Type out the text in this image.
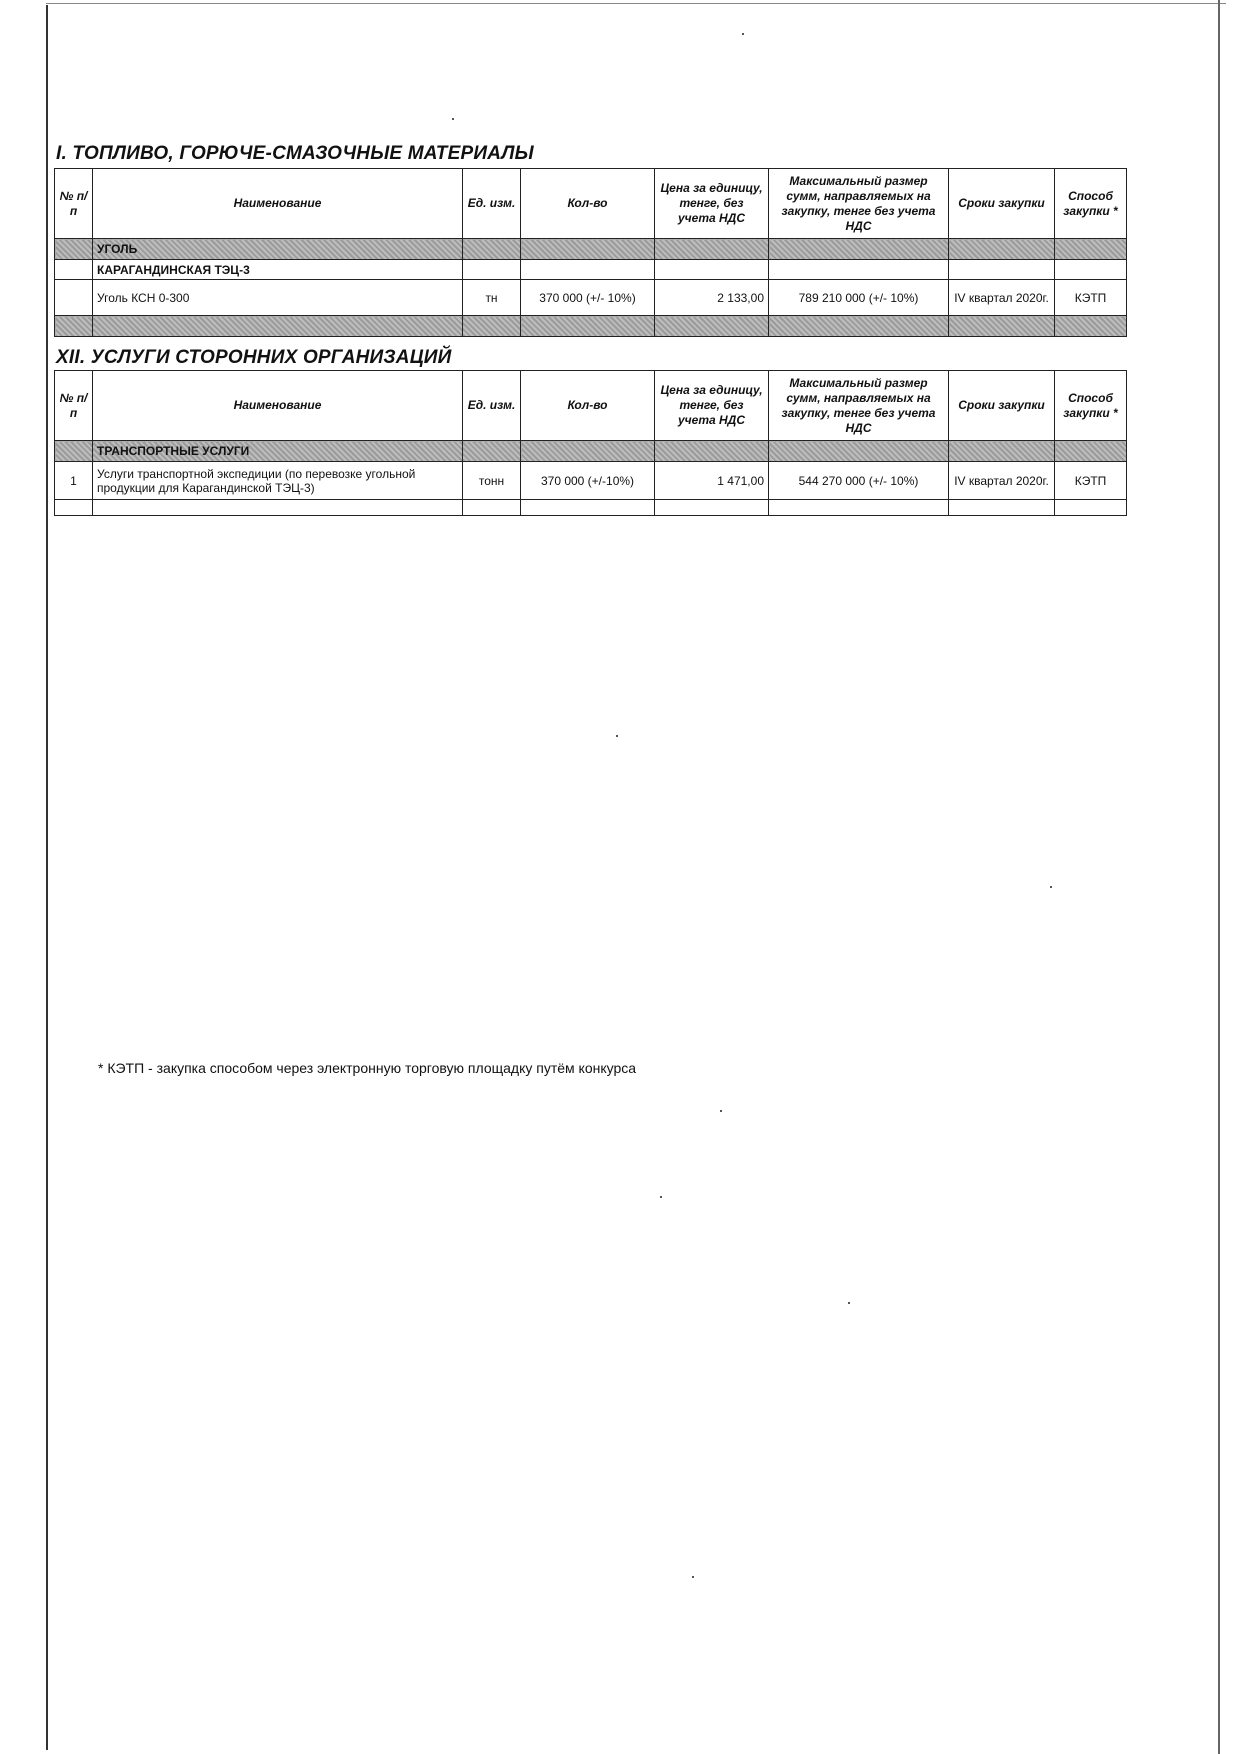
I. ТОПЛИВО, ГОРЮЧЕ-СМАЗОЧНЫЕ МАТЕРИАЛЫ
№ п/п	Наименование	Ед. изм.	Кол-во	Цена за единицу, тенге, без учета НДС	Максимальный размер сумм, направляемых на закупку, тенге без учета НДС	Сроки закупки	Способ закупки *
	УГОЛЬ						
	КАРАГАНДИНСКАЯ ТЭЦ-3						
	Уголь КСН 0-300	тн	370 000 (+/- 10%)	2 133,00	789 210 000 (+/- 10%)	IV квартал 2020г.	КЭТП

XII. УСЛУГИ СТОРОННИХ ОРГАНИЗАЦИЙ
№ п/п	Наименование	Ед. изм.	Кол-во	Цена за единицу, тенге, без учета НДС	Максимальный размер сумм, направляемых на закупку, тенге без учета НДС	Сроки закупки	Способ закупки *
	ТРАНСПОРТНЫЕ УСЛУГИ						
1	Услуги транспортной экспедиции (по перевозке угольной продукции для Карагандинской ТЭЦ-3)	тонн	370 000 (+/-10%)	1 471,00	544 270 000 (+/- 10%)	IV квартал 2020г.	КЭТП

* КЭТП - закупка способом через электронную торговую площадку путём конкурса
